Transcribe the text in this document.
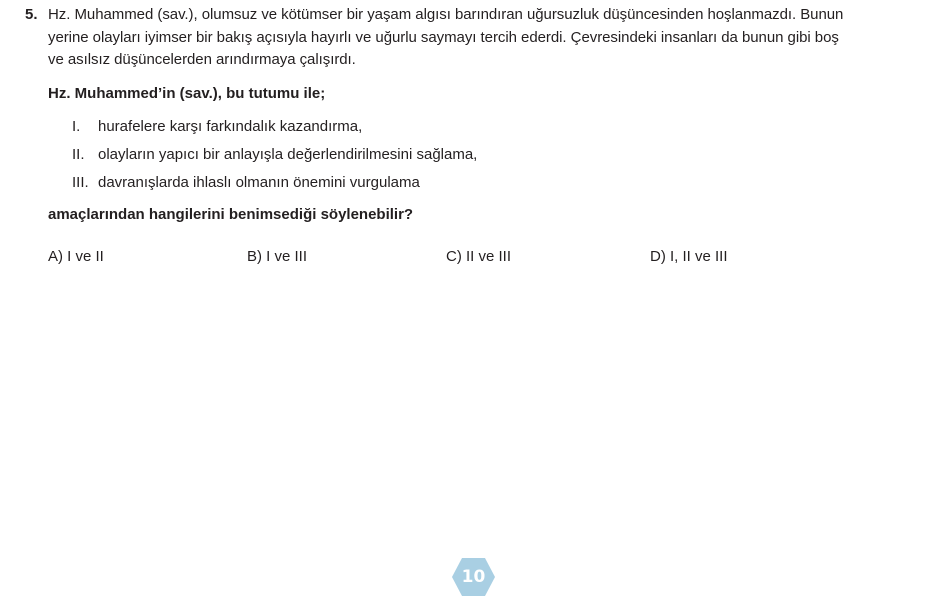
5. Hz. Muhammed (sav.), olumsuz ve kötümser bir yaşam algısı barındıran uğursuzluk düşüncesinden hoşlanmazdı. Bunun
yerine olayları iyimser bir bakış açısıyla hayırlı ve uğurlu saymayı tercih ederdi. Çevresindeki insanları da bunun gibi boş
ve asılsız düşüncelerden arındırmaya çalışırdı.
Hz. Muhammed’in (sav.), bu tutumu ile;
I.	hurafelere karşı farkındalık kazandırma,
II. olayların yapıcı bir anlayışla değerlendirilmesini sağlama,
III. davranışlarda ihlaslı olmanın önemini vurgulama
amaçlarından hangilerini benimsediği söylenebilir?
A) I ve II	B) I ve III	C) II ve III	D) I, II ve III
10
